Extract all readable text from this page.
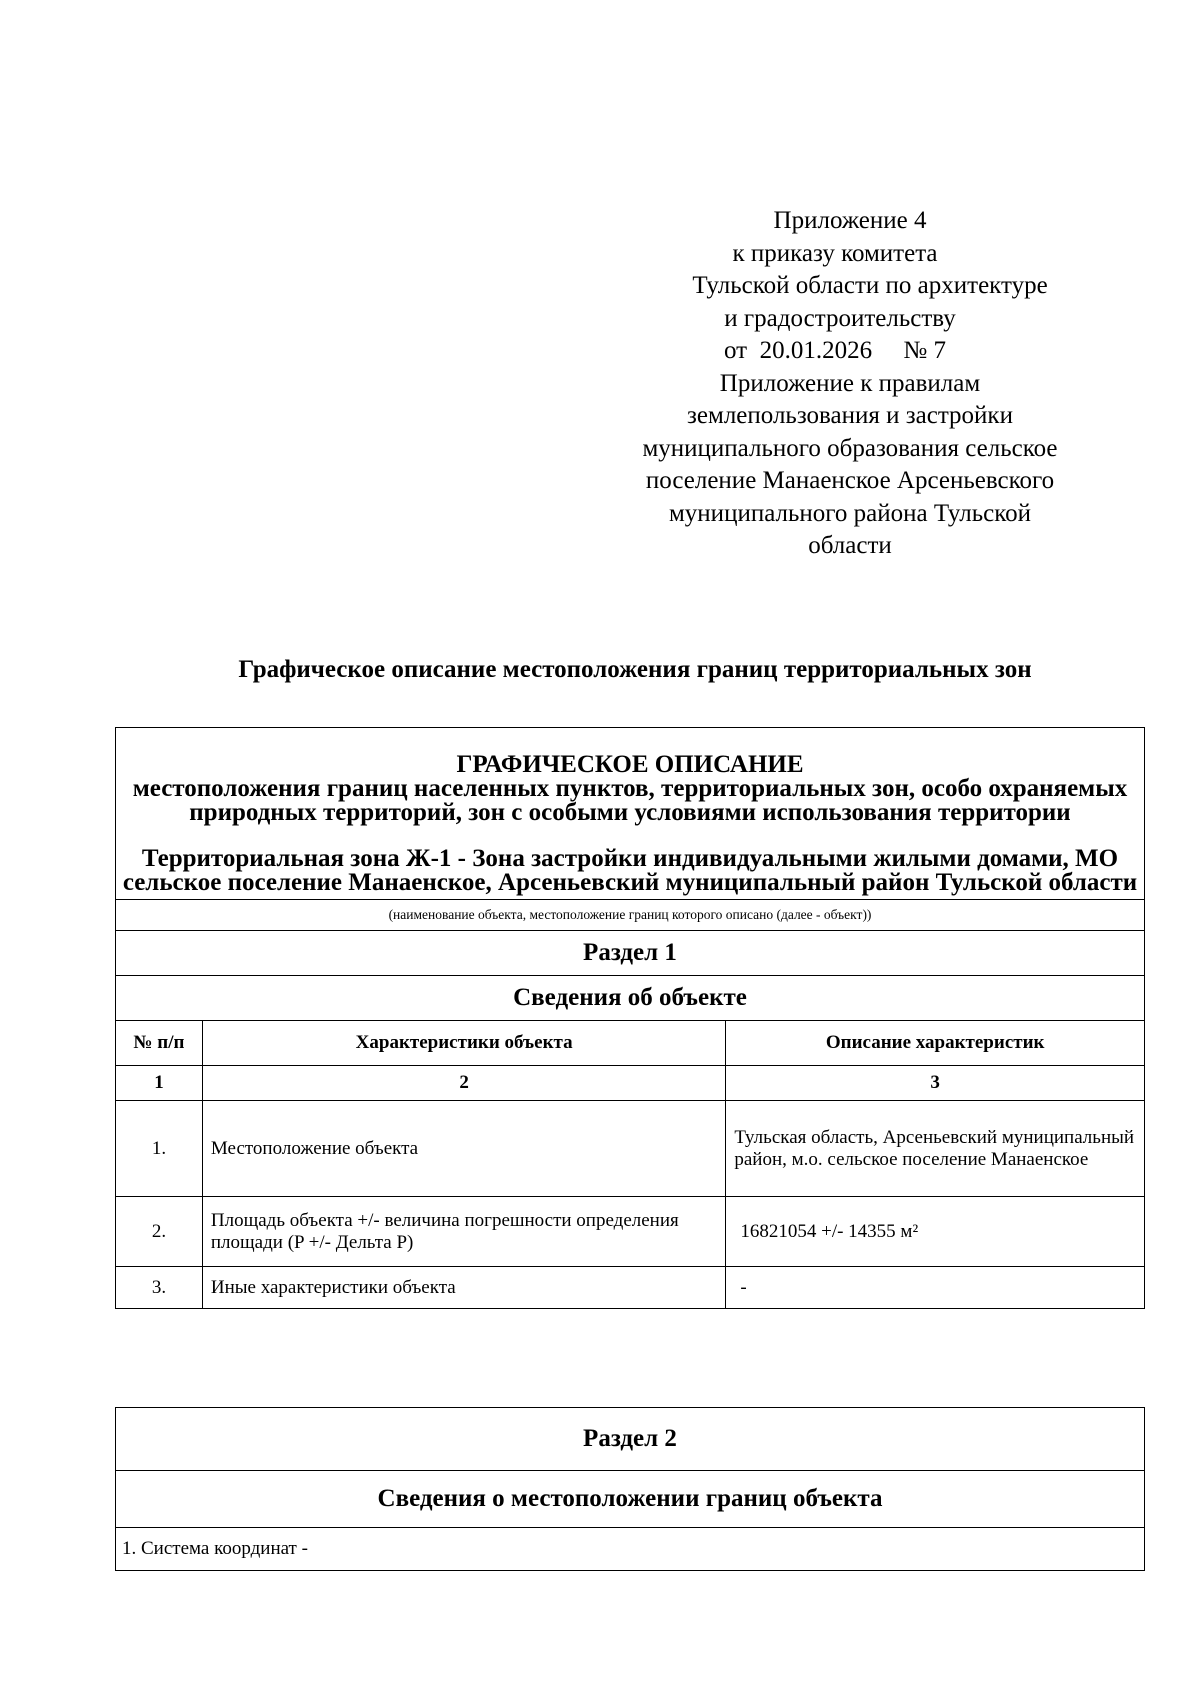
Приложение 4
к приказу комитета
Тульской области по архитектуре
и градостроительству
от  20.01.2026     № 7
Приложение к правилам
землепользования и застройки
муниципального образования сельское
поселение Манаенское Арсеньевского
муниципального района Тульской
области
Графическое описание местоположения границ территориальных зон
ГРАФИЧЕСКОЕ ОПИСАНИЕ
местоположения границ населенных пунктов, территориальных зон, особо охраняемых природных территорий, зон с особыми условиями использования территории
Территориальная зона Ж-1 - Зона застройки индивидуальными жилыми домами, МО сельское поселение Манаенское, Арсеньевский муниципальный район Тульской области		

(наименование объекта, местоположение границ которого описано (далее - объект))		
Раздел 1		
Сведения об объекте		
№ п/п	Характеристики объекта	Описание характеристик
1	2	3
1.	Местоположение объекта	Тульская область, Арсеньевский муниципальный район, м.о. сельское поселение Манаенское
2.	Площадь объекта +/- величина погрешности определения площади (P +/- Дельта P)	16821054 +/- 14355 м²
3.	Иные характеристики объекта	-
Раздел 2
Сведения о местоположении границ объекта
1. Система координат -
